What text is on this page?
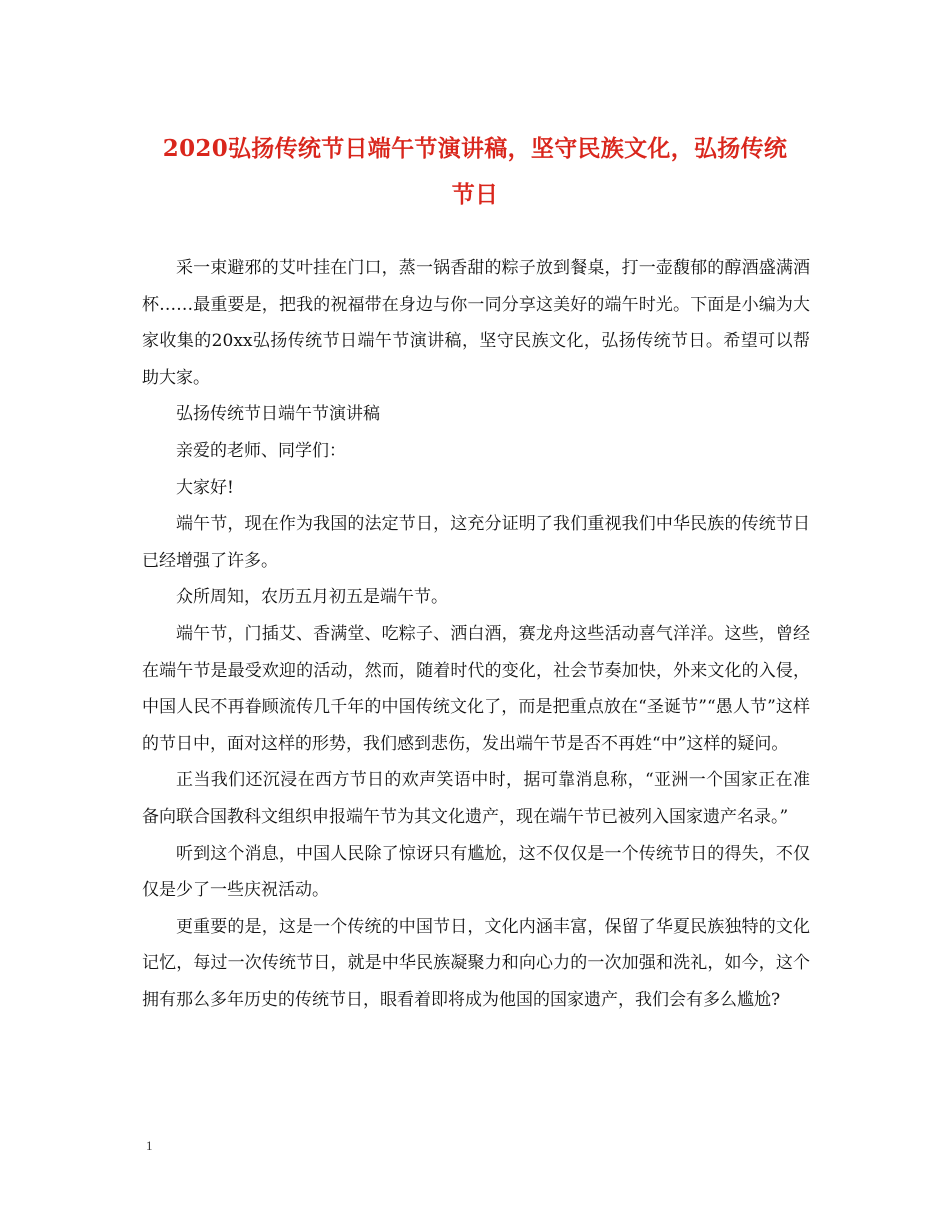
2020弘扬传统节日端午节演讲稿，坚守民族文化，弘扬传统
节日

采一束避邪的艾叶挂在门口，蒸一锅香甜的粽子放到餐桌，打一壶馥郁的醇酒盛满酒杯……最重要是，把我的祝福带在身边与你一同分享这美好的端午时光。下面是小编为大家收集的20xx弘扬传统节日端午节演讲稿，坚守民族文化，弘扬传统节日。希望可以帮助大家。

弘扬传统节日端午节演讲稿

亲爱的老师、同学们：

大家好!

端午节，现在作为我国的法定节日，这充分证明了我们重视我们中华民族的传统节日已经增强了许多。

众所周知，农历五月初五是端午节。

端午节，门插艾、香满堂、吃粽子、洒白酒，赛龙舟这些活动喜气洋洋。这些，曾经在端午节是最受欢迎的活动，然而，随着时代的变化，社会节奏加快，外来文化的入侵，中国人民不再眷顾流传几千年的中国传统文化了，而是把重点放在“圣诞节”“愚人节”这样的节日中，面对这样的形势，我们感到悲伤，发出端午节是否不再姓“中”这样的疑问。

正当我们还沉浸在西方节日的欢声笑语中时，据可靠消息称，“亚洲一个国家正在准备向联合国教科文组织申报端午节为其文化遗产，现在端午节已被列入国家遗产名录。”

听到这个消息，中国人民除了惊讶只有尴尬，这不仅仅是一个传统节日的得失，不仅仅是少了一些庆祝活动。

更重要的是，这是一个传统的中国节日，文化内涵丰富，保留了华夏民族独特的文化记忆，每过一次传统节日，就是中华民族凝聚力和向心力的一次加强和洗礼，如今，这个拥有那么多年历史的传统节日，眼看着即将成为他国的国家遗产，我们会有多么尴尬?

1
